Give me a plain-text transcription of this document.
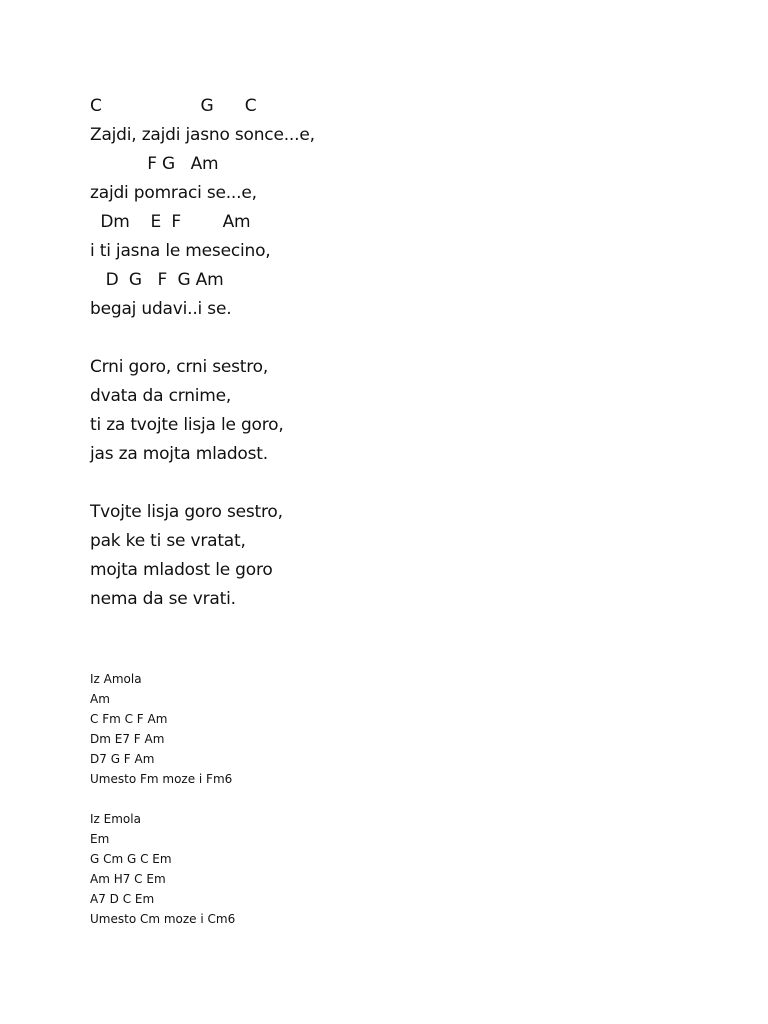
C                   G      C
Zajdi, zajdi jasno sonce...e,
F G   Am
zajdi pomraci se...e,
Dm    E  F        Am
i ti jasna le mesecino,
D  G   F  G Am
begaj udavi..i se.
Crni goro, crni sestro,
dvata da crnime,
ti za tvojte lisja le goro,
jas za mojta mladost.
Tvojte lisja goro sestro,
pak ke ti se vratat,
mojta mladost le goro
nema da se vrati.
Iz Amola
Am
C Fm C F Am
Dm E7 F Am
D7 G F Am
Umesto Fm moze i Fm6
Iz Emola
Em
G Cm G C Em
Am H7 C Em
A7 D C Em
Umesto Cm moze i Cm6
